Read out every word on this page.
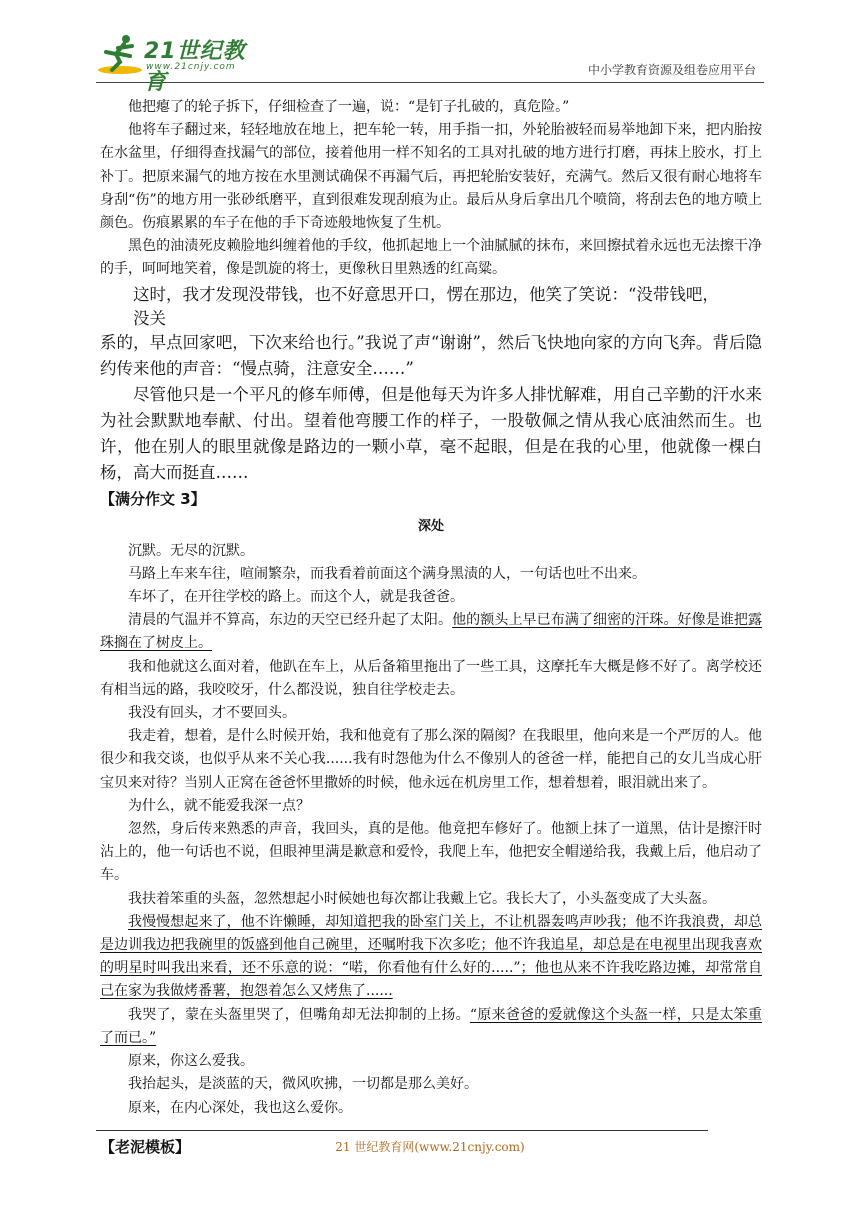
21世纪教育
www.21cnjy.com	中小学教育资源及组卷应用平台

他把瘪了的轮子拆下，仔细检查了一遍，说：“是钉子扎破的，真危险。”

他将车子翻过来，轻轻地放在地上，把车轮一转，用手指一扣，外轮胎被轻而易举地卸下来，把内胎按在水盆里，仔细得查找漏气的部位，接着他用一样不知名的工具对扎破的地方进行打磨，再抹上胶水，打上补丁。把原来漏气的地方按在水里测试确保不再漏气后，再把轮胎安装好，充满气。然后又很有耐心地将车身刮“伤”的地方用一张砂纸磨平，直到很难发现刮痕为止。最后从身后拿出几个喷筒，将刮去色的地方喷上颜色。伤痕累累的车子在他的手下奇迹般地恢复了生机。

黑色的油渍死皮赖脸地纠缠着他的手纹，他抓起地上一个油腻腻的抹布，来回擦拭着永远也无法擦干净的手，呵呵地笑着，像是凯旋的将士，更像秋日里熟透的红高粱。

这时，我才发现没带钱，也不好意思开口，愣在那边，他笑了笑说：“没带钱吧，

没关

系的，早点回家吧，下次来给也行。”我说了声“谢谢”，然后飞快地向家的方向飞奔。背后隐约传来他的声音：“慢点骑，注意安全……”

尽管他只是一个平凡的修车师傅，但是他每天为许多人排忧解难，用自己辛勤的汗水来为社会默默地奉献、付出。望着他弯腰工作的样子，一股敬佩之情从我心底油然而生。也许，他在别人的眼里就像是路边的一颗小草，毫不起眼，但是在我的心里，他就像一棵白杨，高大而挺直……

【满分作文 3】
深处

沉默。无尽的沉默。

马路上车来车往，喧闹繁杂，而我看着前面这个满身黑渍的人，一句话也吐不出来。

车坏了，在开往学校的路上。而这个人，就是我爸爸。

清晨的气温并不算高，东边的天空已经升起了太阳。他的额头上早已布满了细密的汗珠。好像是谁把露珠搁在了树皮上。

我和他就这么面对着，他趴在车上，从后备箱里拖出了一些工具，这摩托车大概是修不好了。离学校还有相当远的路，我咬咬牙，什么都没说，独自往学校走去。

我没有回头，才不要回头。

我走着，想着，是什么时候开始，我和他竟有了那么深的隔阂？在我眼里，他向来是一个严厉的人。他很少和我交谈，也似乎从来不关心我......我有时怨他为什么不像别人的爸爸一样，能把自己的女儿当成心肝宝贝来对待？当别人正窝在爸爸怀里撒娇的时候，他永远在机房里工作，想着想着，眼泪就出来了。

为什么，就不能爱我深一点？

忽然，身后传来熟悉的声音，我回头，真的是他。他竟把车修好了。他额上抹了一道黑，估计是擦汗时沾上的，他一句话也不说，但眼神里满是歉意和爱怜，我爬上车，他把安全帽递给我，我戴上后，他启动了车。

我扶着笨重的头盔，忽然想起小时候她也每次都让我戴上它。我长大了，小头盔变成了大头盔。

我慢慢想起来了，他不许懒睡，却知道把我的卧室门关上，不让机器轰鸣声吵我；他不许我浪费，却总是边训我边把我碗里的饭盛到他自己碗里，还嘱咐我下次多吃；他不许我追星，却总是在电视里出现我喜欢的明星时叫我出来看，还不乐意的说：“喏，你看他有什么好的.....”；他也从来不许我吃路边摊，却常常自己在家为我做烤番薯，抱怨着怎么又烤焦了......

我哭了，蒙在头盔里哭了，但嘴角却无法抑制的上扬。“原来爸爸的爱就像这个头盔一样，只是太笨重了而已。”

原来，你这么爱我。

我抬起头，是淡蓝的天，微风吹拂，一切都是那么美好。

原来，在内心深处，我也这么爱你。

【老泥模板】	21 世纪教育网(www.21cnjy.com)
